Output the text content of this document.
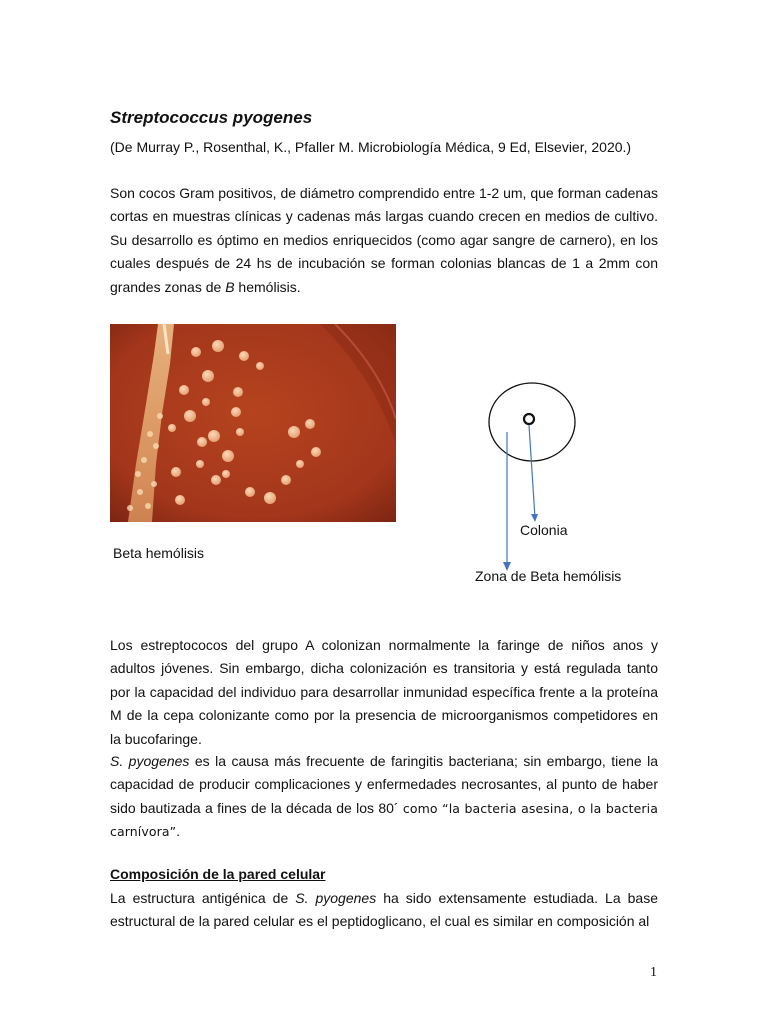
Streptococcus pyogenes

(De Murray P., Rosenthal, K., Pfaller M. Microbiología Médica, 9 Ed, Elsevier, 2020.)

Son cocos Gram positivos, de diámetro comprendido entre 1-2 um, que forman cadenas cortas en muestras clínicas y cadenas más largas cuando crecen en medios de cultivo. Su desarrollo es óptimo en medios enriquecidos (como agar sangre de carnero), en los cuales después de 24 hs de incubación se forman colonias blancas de 1 a 2mm con grandes zonas de B hemólisis.

Beta hemólisis
Colonia
Zona de Beta hemólisis

Los estreptococos del grupo A colonizan normalmente la faringe de niños anos y adultos jóvenes. Sin embargo, dicha colonización es transitoria y está regulada tanto por la capacidad del individuo para desarrollar inmunidad específica frente a la proteína M de la cepa colonizante como por la presencia de microorganismos competidores en la bucofaringe.

S. pyogenes es la causa más frecuente de faringitis bacteriana; sin embargo, tiene la capacidad de producir complicaciones y enfermedades necrosantes, al punto de haber sido bautizada a fines de la década de los 80´ como “la bacteria asesina, o la bacteria carnívora”.

Composición de la pared celular

La estructura antigénica de S. pyogenes ha sido extensamente estudiada. La base estructural de la pared celular es el peptidoglicano, el cual es similar en composición al

1
